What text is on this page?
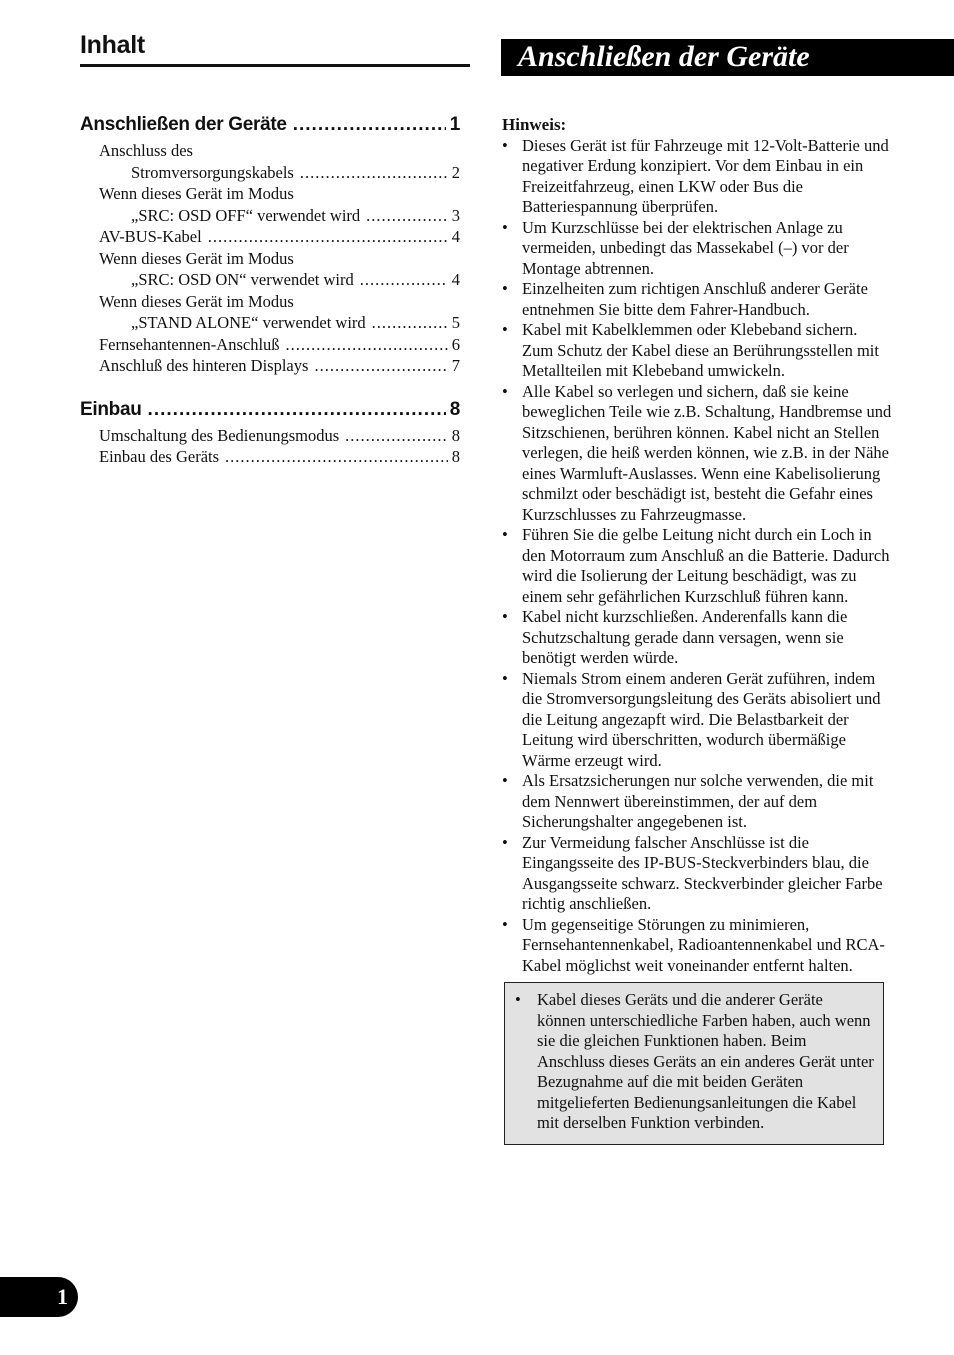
Inhalt
Anschließen der Geräte .....	1
Anschluss des
Stromversorgungskabels .....	2
Wenn dieses Gerät im Modus
„SRC: OSD OFF“ verwendet wird .....	3
AV-BUS-Kabel .....	4
Wenn dieses Gerät im Modus
„SRC: OSD ON“ verwendet wird .....	4
Wenn dieses Gerät im Modus
„STAND ALONE“ verwendet wird .....	5
Fernsehantennen-Anschluß .....	6
Anschluß des hinteren Displays .....	7
Einbau .....	8
Umschaltung des Bedienungsmodus .....	8
Einbau des Geräts .....	8
Anschließen der Geräte
Hinweis:
• Dieses Gerät ist für Fahrzeuge mit 12-Volt-Batterie und negativer Erdung konzipiert. Vor dem Einbau in ein Freizeitfahrzeug, einen LKW oder Bus die Batteriespannung überprüfen.
• Um Kurzschlüsse bei der elektrischen Anlage zu vermeiden, unbedingt das Massekabel (–) vor der Montage abtrennen.
• Einzelheiten zum richtigen Anschluß anderer Geräte entnehmen Sie bitte dem Fahrer-Handbuch.
• Kabel mit Kabelklemmen oder Klebeband sichern. Zum Schutz der Kabel diese an Berührungsstellen mit Metallteilen mit Klebeband umwickeln.
• Alle Kabel so verlegen und sichern, daß sie keine beweglichen Teile wie z.B. Schaltung, Handbremse und Sitzschienen, berühren können. Kabel nicht an Stellen verlegen, die heiß werden können, wie z.B. in der Nähe eines Warmluft-Auslasses. Wenn eine Kabelisolierung schmilzt oder beschädigt ist, besteht die Gefahr eines Kurzschlusses zu Fahrzeugmasse.
• Führen Sie die gelbe Leitung nicht durch ein Loch in den Motorraum zum Anschluß an die Batterie. Dadurch wird die Isolierung der Leitung beschädigt, was zu einem sehr gefährlichen Kurzschluß führen kann.
• Kabel nicht kurzschließen. Anderenfalls kann die Schutzschaltung gerade dann versagen, wenn sie benötigt werden würde.
• Niemals Strom einem anderen Gerät zuführen, indem die Stromversorgungsleitung des Geräts abisoliert und die Leitung angezapft wird. Die Belastbarkeit der Leitung wird überschritten, wodurch übermäßige Wärme erzeugt wird.
• Als Ersatzsicherungen nur solche verwenden, die mit dem Nennwert übereinstimmen, der auf dem Sicherungshalter angegebenen ist.
• Zur Vermeidung falscher Anschlüsse ist die Eingangsseite des IP-BUS-Steckverbinders blau, die Ausgangsseite schwarz. Steckverbinder gleicher Farbe richtig anschließen.
• Um gegenseitige Störungen zu minimieren, Fernsehantennenkabel, Radioantennenkabel und RCA-Kabel möglichst weit voneinander entfernt halten.
• Kabel dieses Geräts und die anderer Geräte können unterschiedliche Farben haben, auch wenn sie die gleichen Funktionen haben. Beim Anschluss dieses Geräts an ein anderes Gerät unter Bezugnahme auf die mit beiden Geräten mitgelieferten Bedienungsanleitungen die Kabel mit derselben Funktion verbinden.
1
